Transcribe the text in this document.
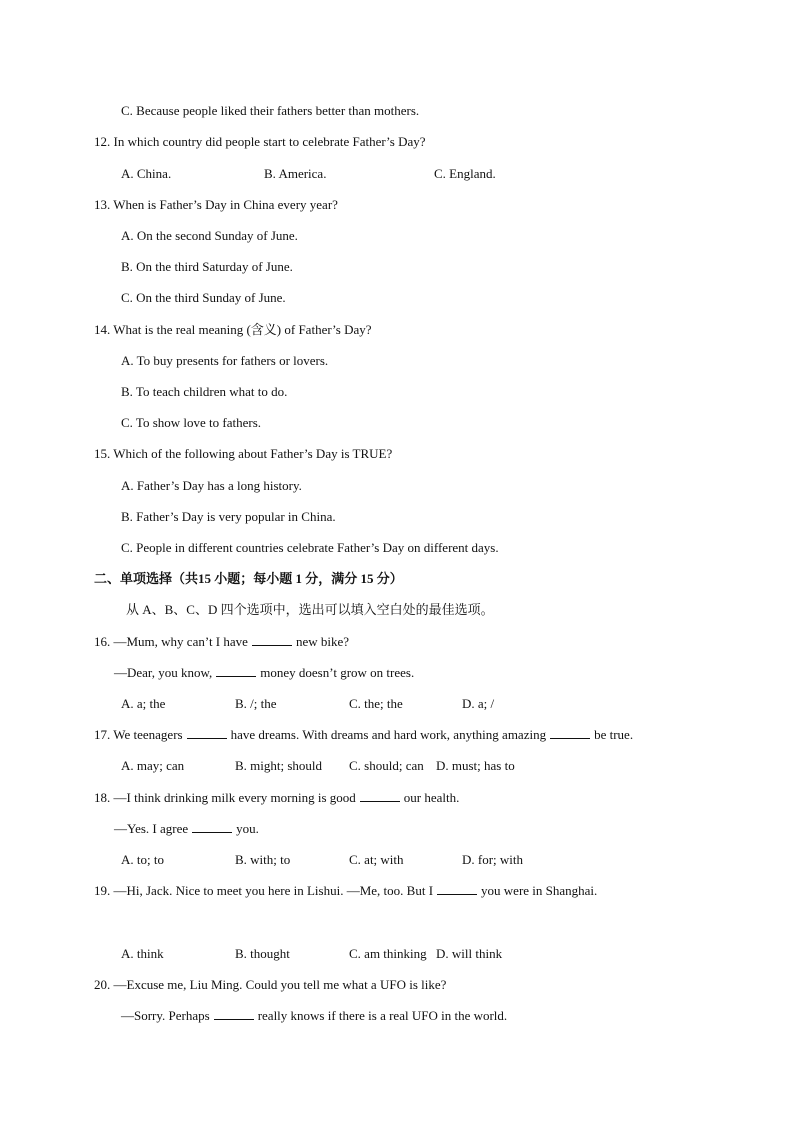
C. Because people liked their fathers better than mothers.
12. In which country did people start to celebrate Father’s Day?
A. China.	B. America.	C. England.
13. When is Father’s Day in China every year?
A. On the second Sunday of June.
B. On the third Saturday of June.
C. On the third Sunday of June.
14. What is the real meaning (含义) of Father’s Day?
A. To buy presents for fathers or lovers.
B. To teach children what to do.
C. To show love to fathers.
15. Which of the following about Father’s Day is TRUE?
A. Father’s Day has a long history.
B. Father’s Day is very popular in China.
C. People in different countries celebrate Father’s Day on different days.
二、单项选择（共15 小题；每小题 1 分，满分 15 分）
从 A、B、C、D 四个选项中，选出可以填入空白处的最佳选项。
16. —Mum, why can’t I have	new bike?
—Dear, you know,	money doesn’t grow on trees.
A. a; the	B. /; the	C. the; the	D. a; /
17. We teenagers	have dreams. With dreams and hard work, anything amazing	be true.
A. may; can	B. might; should C. should; can D. must; has to
18. —I think drinking milk every morning is good	our health.
—Yes. I agree	you.
A. to; to	B. with; to	C. at; with	D. for; with
19. —Hi, Jack. Nice to meet you here in Lishui. —Me, too. But I	you were in Shanghai.
A. think	B. thought	C. am thinking D. will think
20. —Excuse me, Liu Ming. Could you tell me what a UFO is like?
—Sorry. Perhaps	really knows if there is a real UFO in the world.
